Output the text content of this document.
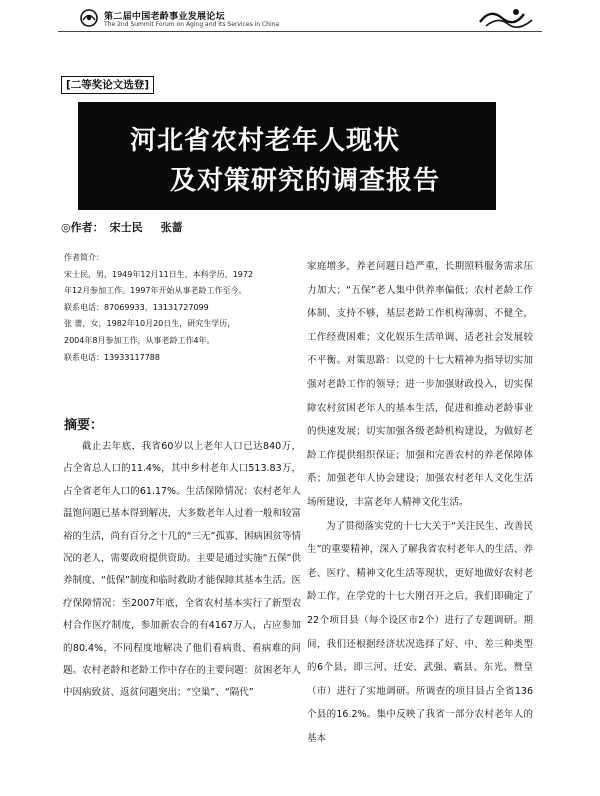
第二届中国老龄事业发展论坛
The 2nd Summit Forum on Aging and Its Services in China
[二等奖论文选登]
河北省农村老年人现状
及对策研究的调查报告
◎作者： 宋士民 张蔷
作者简介：
宋士民，男，1949年12月11日生，本科学历，1972
年12月参加工作。1997年开始从事老龄工作至今。
联系电话：87069933，13131727099
张 蔷，女，1982年10月20日生，研究生学历，
2004年8月参加工作，从事老龄工作4年。
联系电话：13933117788
摘要：

截止去年底，我省60岁以上老年人口已达840万，占全省总人口的11.4%，其中乡村老年人口513.83万，占全省老年人口的61.17%。生活保障情况：农村老年人温饱问题已基本得到解决，大多数老年人过着一般和较富裕的生活，尚有百分之十几的“三无”孤寡、困病困贫等情况的老人，需要政府提供资助。主要是通过实施“五保”供养制度、“低保”制度和临时救助才能保障其基本生活。医疗保障情况：至2007年底，全省农村基本实行了新型农村合作医疗制度，参加新农合的有4167万人，占应参加的80.4%，不同程度地解决了他们看病贵、看病难的问题。农村老龄和老龄工作中存在的主要问题：贫困老年人中因病致贫、返贫问题突出；“空巢”、“隔代”

家庭增多，养老问题日趋严重，长期照料服务需求压力加大；“五保”老人集中供养率偏低；农村老龄工作体制、支持不够，基层老龄工作机构薄弱、不健全，工作经费困难；文化娱乐生活单调、适老社会发展较不平衡。对策思路：以党的十七大精神为指导切实加强对老龄工作的领导；进一步加强财政投入，切实保障农村贫困老年人的基本生活，促进和推动老龄事业的快速发展；切实加强各级老龄机构建设，为做好老龄工作提供组织保证；加强和完善农村的养老保障体系；加强老年人协会建设；加强农村老年人文化生活场所建设，丰富老年人精神文化生活。

为了贯彻落实党的十七大关于“关注民生、改善民生”的重要精神，深入了解我省农村老年人的生活、养老、医疗、精神文化生活等现状，更好地做好农村老龄工作，在学党的十七大刚召开之后，我们即确定了22个项目县（每个设区市2个）进行了专题调研。期间，我们还根据经济状况选择了好、中、差三种类型的6个县，即三河、迁安、武强、霸县、东光、赞皇（市）进行了实地调研。所调查的项目县占全省136个县的16.2%。集中反映了我省一部分农村老年人的基本
